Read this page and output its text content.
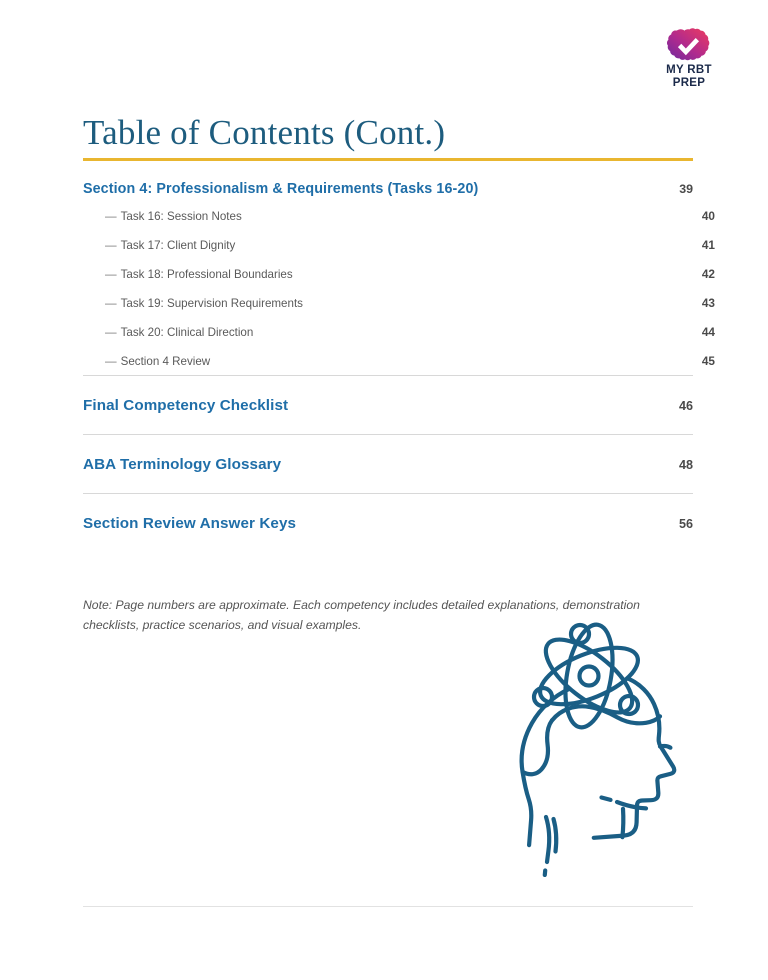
MY RBT
PREP
Table of Contents (Cont.)
Section 4: Professionalism & Requirements (Tasks 16-20)	39
— Task 16: Session Notes	40
— Task 17: Client Dignity	41
— Task 18: Professional Boundaries	42
— Task 19: Supervision Requirements	43
— Task 20: Clinical Direction	44
— Section 4 Review	45
Final Competency Checklist	46
ABA Terminology Glossary	48
Section Review Answer Keys	56

Note: Page numbers are approximate. Each competency includes detailed explanations, demonstration checklists, practice scenarios, and visual examples.
